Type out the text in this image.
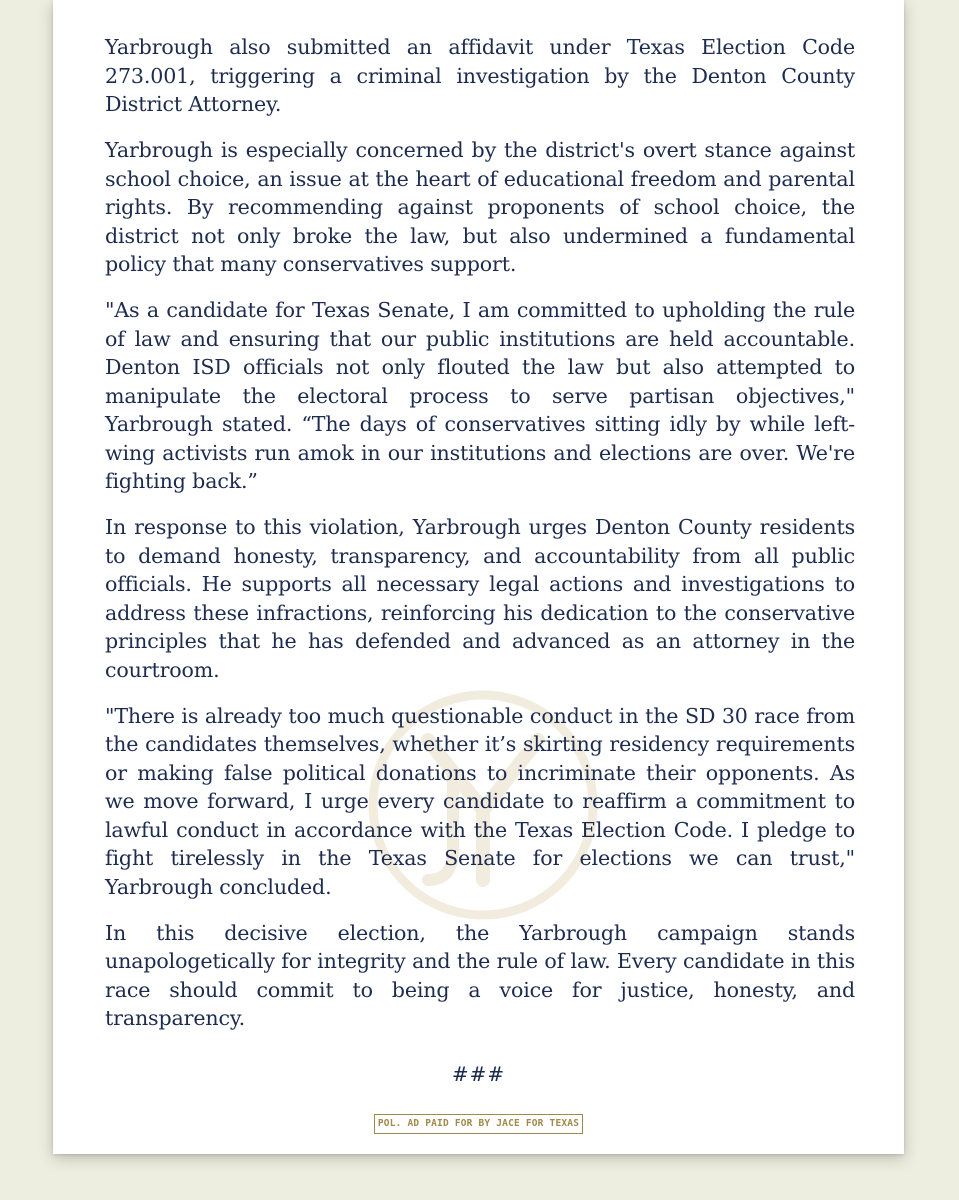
Yarbrough also submitted an affidavit under Texas Election Code 273.001, triggering a criminal investigation by the Denton County District Attorney.

Yarbrough is especially concerned by the district's overt stance against school choice, an issue at the heart of educational freedom and parental rights. By recommending against proponents of school choice, the district not only broke the law, but also undermined a fundamental policy that many conservatives support.

"As a candidate for Texas Senate, I am committed to upholding the rule of law and ensuring that our public institutions are held accountable. Denton ISD officials not only flouted the law but also attempted to manipulate the electoral process to serve partisan objectives," Yarbrough stated. “The days of conservatives sitting idly by while left-wing activists run amok in our institutions and elections are over. We're fighting back.”

In response to this violation, Yarbrough urges Denton County residents to demand honesty, transparency, and accountability from all public officials. He supports all necessary legal actions and investigations to address these infractions, reinforcing his dedication to the conservative principles that he has defended and advanced as an attorney in the courtroom.

"There is already too much questionable conduct in the SD 30 race from the candidates themselves, whether it’s skirting residency requirements or making false political donations to incriminate their opponents. As we move forward, I urge every candidate to reaffirm a commitment to lawful conduct in accordance with the Texas Election Code. I pledge to fight tirelessly in the Texas Senate for elections we can trust," Yarbrough concluded.

In this decisive election, the Yarbrough campaign stands unapologetically for integrity and the rule of law. Every candidate in this race should commit to being a voice for justice, honesty, and transparency.

###

POL. AD PAID FOR BY JACE FOR TEXAS
